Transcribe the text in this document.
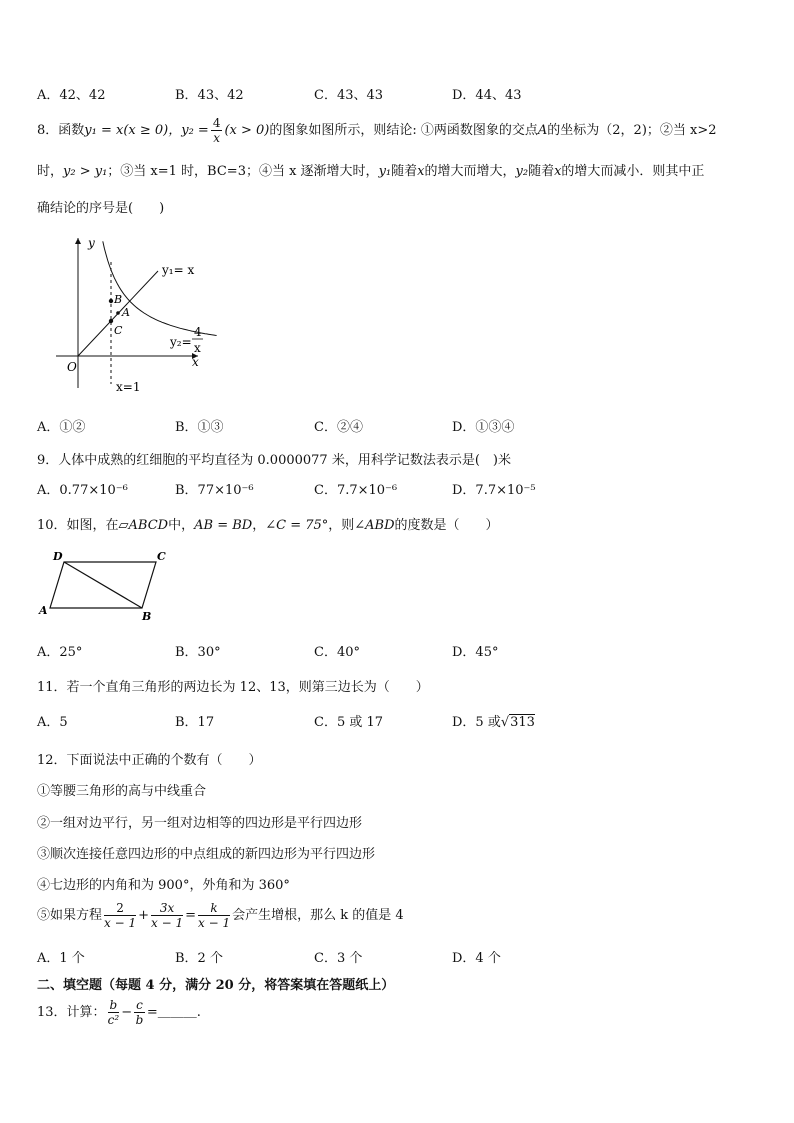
A．42、42	B．43、42	C．43、43	D．44、43
8．函数y₁ = x(x ≥ 0)，$y_2 = \frac{4}{x} (x > 0)$的图象如图所示，则结论: ①两函数图象的交点A的坐标为（2，2)；②当 x>2
时，y₂ > y₁；③当 x=1 时，BC=3；④当 x 逐渐增大时，y₁随着x的增大而增大，y₂随着x的增大而减小．则其中正
确结论的序号是(　　)
y
x
O
y₁= x
y₂=
4
x
B
A
C
x=1
A．①②	B．①③	C．②④	D．①③④
9．人体中成熟的红细胞的平均直径为 0.0000077 米，用科学记数法表示是(　)米
A．0.77×10⁻⁶	B．77×10⁻⁶	C．7.7×10⁻⁶	D．7.7×10⁻⁵
10．如图，在▱ABCD中，AB = BD，∠C = 75°，则∠ABD的度数是（　　）
D	C
A	B
A．25°	B．30°	C．40°	D．45°
11．若一个直角三角形的两边长为 12、13，则第三边长为（　　）
A．5	B．17	C．5 或 17	D．5 或√313
12．下面说法中正确的个数有（　　）
①等腰三角形的高与中线重合
②一组对边平行，另一组对边相等的四边形是平行四边形
③顺次连接任意四边形的中点组成的新四边形为平行四边形
④七边形的内角和为 900°，外角和为 360°
⑤如果方程 $\frac{2}{x - 1} + \frac{3x}{x - 1} = \frac{k}{x - 1}$ 会产生增根，那么 k 的值是 4
A．1 个	B．2 个	C．3 个	D．4 个
二、填空题（每题 4 分，满分 20 分，将答案填在答题纸上）
13．计算： $\frac{b}{\text{c²}} - \frac{c}{b}$ =＿＿＿.
